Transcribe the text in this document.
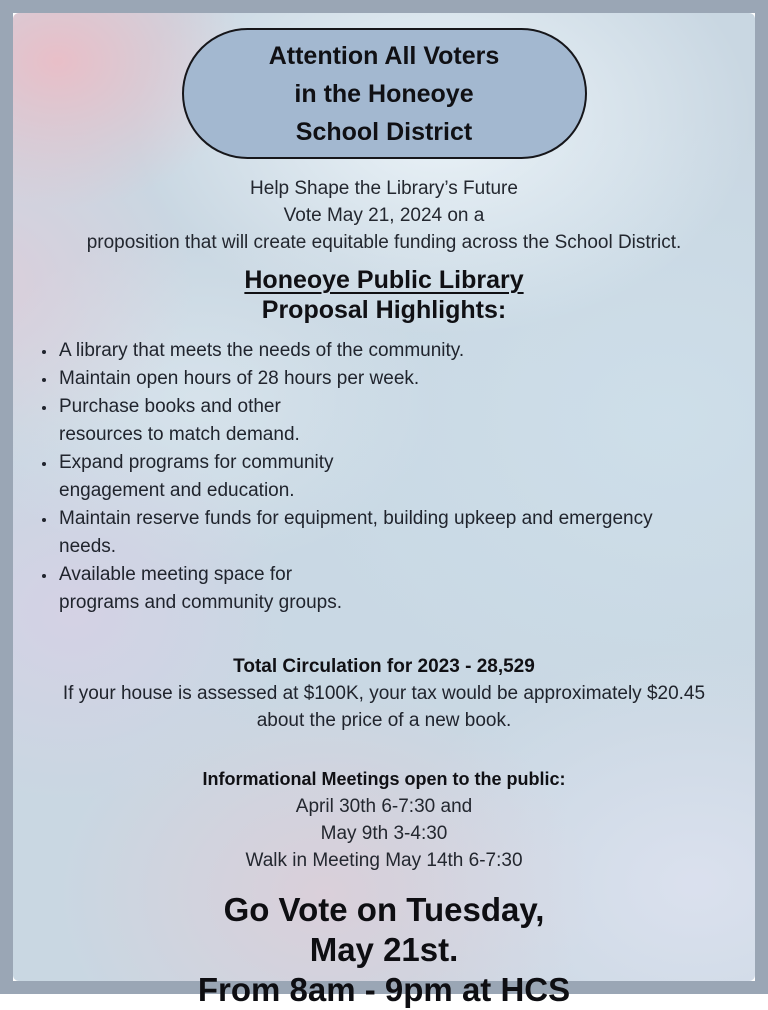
Attention All Voters
in the Honeoye
School District
Help Shape the Library’s Future
Vote May 21, 2024 on a
proposition that will create equitable funding across the School District.
Honeoye Public Library
Proposal Highlights:
• A library that meets the needs of the community.
• Maintain open hours of 28 hours per week.
• Purchase books and other
resources to match demand.
• Expand programs for community
engagement and education.
• Maintain reserve funds for equipment, building upkeep and emergency
needs.
• Available meeting space for
programs and community groups.
Total Circulation for 2023 - 28,529
If your house is assessed at $100K, your tax would be approximately $20.45
about the price of a new book.
Informational Meetings open to the public:
April 30th 6-7:30 and
May 9th 3-4:30
Walk in Meeting May 14th 6-7:30
Go Vote on Tuesday,
May 21st.
From 8am - 9pm at HCS
